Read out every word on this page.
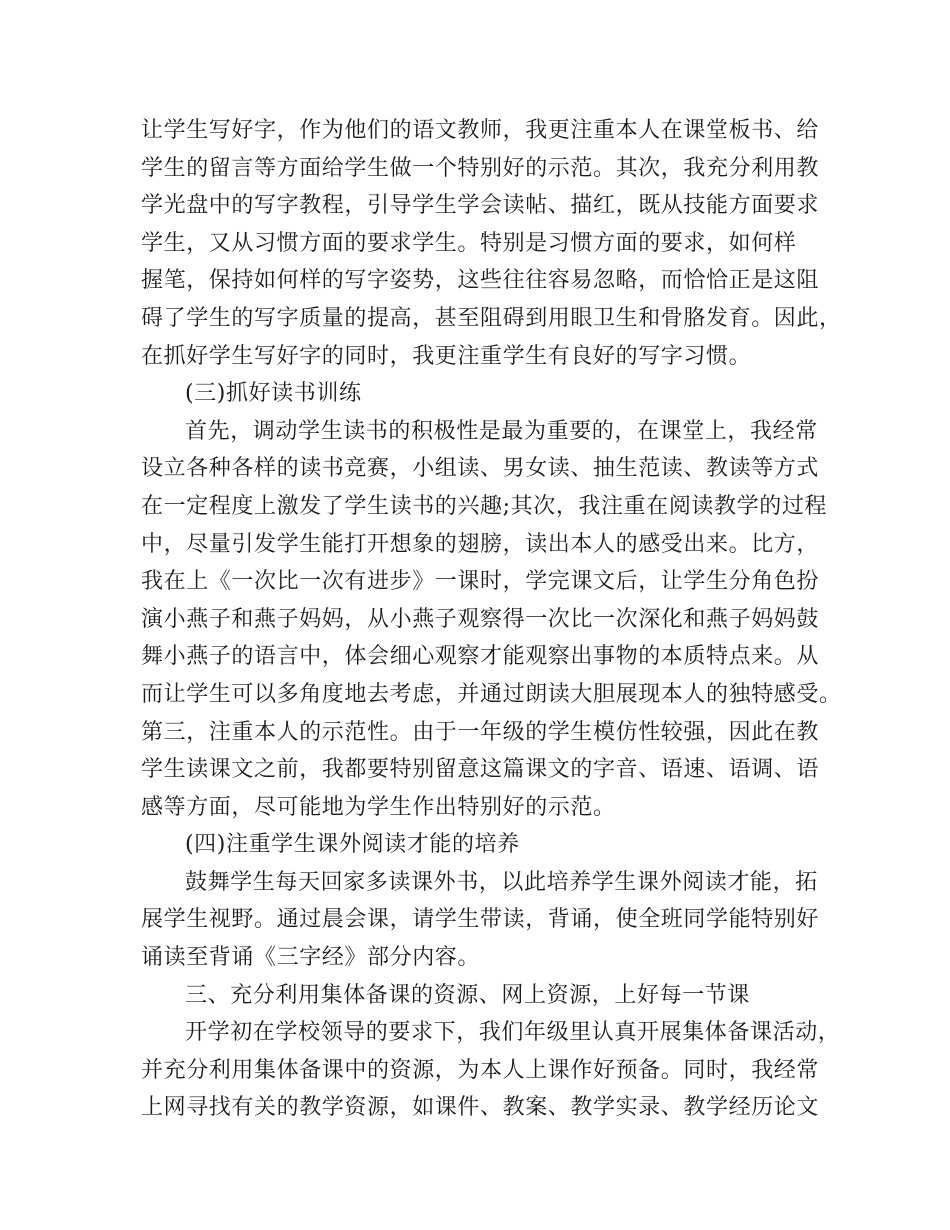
让学生写好字，作为他们的语文教师，我更注重本人在课堂板书、给
学生的留言等方面给学生做一个特别好的示范。其次，我充分利用教
学光盘中的写字教程，引导学生学会读帖、描红，既从技能方面要求
学生，又从习惯方面的要求学生。特别是习惯方面的要求，如何样
握笔，保持如何样的写字姿势，这些往往容易忽略，而恰恰正是这阻
碍了学生的写字质量的提高，甚至阻碍到用眼卫生和骨胳发育。因此，
在抓好学生写好字的同时，我更注重学生有良好的写字习惯。
(三)抓好读书训练
首先，调动学生读书的积极性是最为重要的，在课堂上，我经常
设立各种各样的读书竞赛，小组读、男女读、抽生范读、教读等方式
在一定程度上激发了学生读书的兴趣;其次，我注重在阅读教学的过程
中，尽量引发学生能打开想象的翅膀，读出本人的感受出来。比方，
我在上《一次比一次有进步》一课时，学完课文后，让学生分角色扮
演小燕子和燕子妈妈，从小燕子观察得一次比一次深化和燕子妈妈鼓
舞小燕子的语言中，体会细心观察才能观察出事物的本质特点来。从
而让学生可以多角度地去考虑，并通过朗读大胆展现本人的独特感受。
第三，注重本人的示范性。由于一年级的学生模仿性较强，因此在教
学生读课文之前，我都要特别留意这篇课文的字音、语速、语调、语
感等方面，尽可能地为学生作出特别好的示范。
(四)注重学生课外阅读才能的培养
鼓舞学生每天回家多读课外书，以此培养学生课外阅读才能，拓
展学生视野。通过晨会课，请学生带读，背诵，使全班同学能特别好
诵读至背诵《三字经》部分内容。
三、充分利用集体备课的资源、网上资源，上好每一节课
开学初在学校领导的要求下，我们年级里认真开展集体备课活动，
并充分利用集体备课中的资源，为本人上课作好预备。同时，我经常
上网寻找有关的教学资源，如课件、教案、教学实录、教学经历论文
